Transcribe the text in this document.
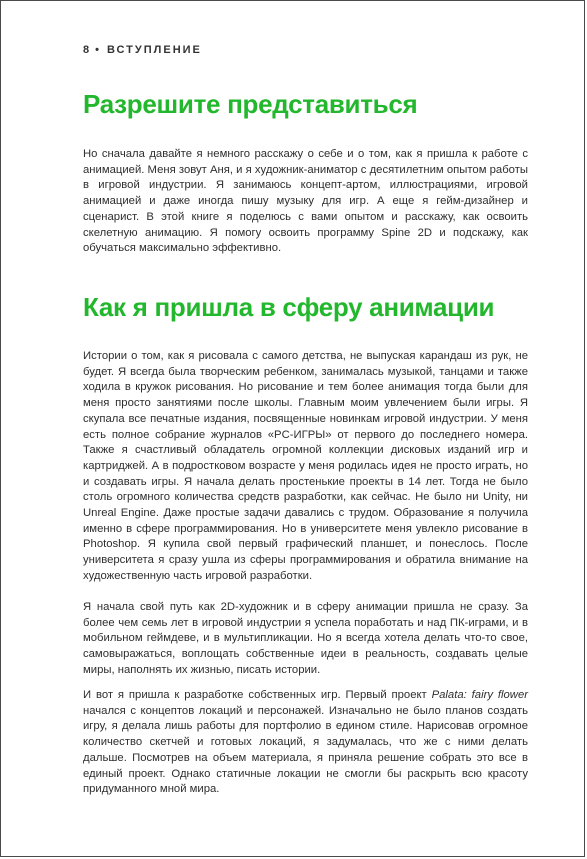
8 • ВСТУПЛЕНИЕ
Разрешите представиться

Но сначала давайте я немного расскажу о себе и о том, как я пришла к работе с анимацией. Меня зовут Аня, и я художник-аниматор с десятилетним опытом работы в игровой индустрии. Я занимаюсь концепт-артом, иллюстрациями, игровой анимацией и даже иногда пишу музыку для игр. А еще я гейм-дизайнер и сценарист. В этой книге я поделюсь с вами опытом и расскажу, как освоить скелетную анимацию. Я помогу освоить программу Spine 2D и подскажу, как обучаться максимально эффективно.

Как я пришла в сферу анимации

Истории о том, как я рисовала с самого детства, не выпуская карандаш из рук, не будет. Я всегда была творческим ребенком, занималась музыкой, танцами и также ходила в кружок рисования. Но рисование и тем более анимация тогда были для меня просто занятиями после школы. Главным моим увлечением были игры. Я скупала все печатные издания, посвященные новинкам игровой индустрии. У меня есть полное собрание журналов «PC-ИГРЫ» от первого до последнего номера. Также я счастливый обладатель огромной коллекции дисковых изданий игр и картриджей. А в подростковом возрасте у меня родилась идея не просто играть, но и создавать игры. Я начала делать простенькие проекты в 14 лет. Тогда не было столь огромного количества средств разработки, как сейчас. Не было ни Unity, ни Unreal Engine. Даже простые задачи давались с трудом. Образование я получила именно в сфере программирования. Но в университете меня увлекло рисование в Photoshop. Я купила свой первый графический планшет, и понеслось. После университета я сразу ушла из сферы программирования и обратила внимание на художественную часть игровой разработки.

Я начала свой путь как 2D-художник и в сферу анимации пришла не сразу. За более чем семь лет в игровой индустрии я успела поработать и над ПК-играми, и в мобильном геймдеве, и в мультипликации. Но я всегда хотела делать что-то свое, самовыражаться, воплощать собственные идеи в реальность, создавать целые миры, наполнять их жизнью, писать истории.

И вот я пришла к разработке собственных игр. Первый проект Palata: fairy flower начался с концептов локаций и персонажей. Изначально не было планов создать игру, я делала лишь работы для портфолио в едином стиле. Нарисовав огромное количество скетчей и готовых локаций, я задумалась, что же с ними делать дальше. Посмотрев на объем материала, я приняла решение собрать это все в единый проект. Однако статичные локации не смогли бы раскрыть всю красоту придуманного мной мира.
